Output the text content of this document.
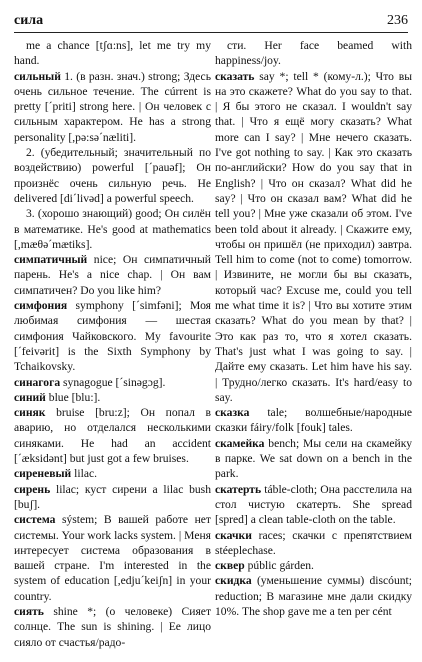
сила	236

me a chance [tʃɑ:ns], let me try my hand.

сильный 1. (в разн. знач.) strong; Здесь очень сильное течение. The cúrrent is pretty [´priti] strong here. | Он человек с сильным характером. He has a strong personality [,pə:sə´næliti].

2. (убедительный; значительный по воздействию) powerful [´pauəf]; Он произнёс очень сильную речь. He delivered [di´livəd] a powerful speech.

3. (хорошо знающий) good; Он силён в математике. He's good at mathematics [,mæθə´mætiks].

симпатичный nice; Он симпатичный парень. He's a nice chap. | Он вам симпатичен? Do you like him?

симфония symphony [´simfəni]; Моя любимая симфония — шестая симфония Чайковского. My favourite [´feivərit] is the Sixth Symphony by Tchaikovsky.

синагога synagogue [´sinəgɔg].

синий blue [blu:].

синяк bruise [bru:z]; Он попал в аварию, но отделался несколькими синяками. He had an accident [´æksidənt] but just got a few bruises.

сиреневый lilac.

сирень lilac; куст сирени a lilac bush [buʃ].

система sýstem; В вашей работе нет системы. Your work lacks system. | Меня интересует система образования в вашей стране. I'm interested in the system of education [,edju´keiʃn] in your country.

сиять shine *; (о человеке) Сияет солнце. The sun is shining. | Ее лицо сияло от счастья/радо-

сти. Her face beamed with happiness/joy.

сказать say *; tell * (кому-л.); Что вы на это скажете? What do you say to that. | Я бы этого не сказал. I wouldn't say that. | Что я ещё могу сказать? What more can I say? | Мне нечего сказать. I've got nothing to say. | Как это сказать по-английски? How do you say that in English? | Что он сказал? What did he say? | Что он сказал вам? What did he tell you? | Мне уже сказали об этом. I've been told about it already. | Скажите ему, чтобы он пришёл (не приходил) завтра. Tell him to come (not to come) tomorrow. | Извините, не могли бы вы сказать, который час? Excuse me, could you tell me what time it is? | Что вы хотите этим сказать? What do you mean by that? | Это как раз то, что я хотел сказать. That's just what I was going to say. | Дайте ему сказать. Let him have his say. | Трудно/легко сказать. It's hard/easy to say.

сказка tale; волшебные/народные сказки fáiry/folk [fouk] tales.

скамейка bench; Мы сели на скамейку в парке. We sat down on a bench in the park.

скатерть táble-cloth; Она расстелила на стол чистую скатерть. She spread [spred] a clean table-cloth on the table.

скачки races; скачки с препятствием stéeplechase.

сквер públic gárden.

скидка (уменьшение суммы) discóunt; reduction; В магазине мне дали скидку 10%. The shop gave me a ten per cént
